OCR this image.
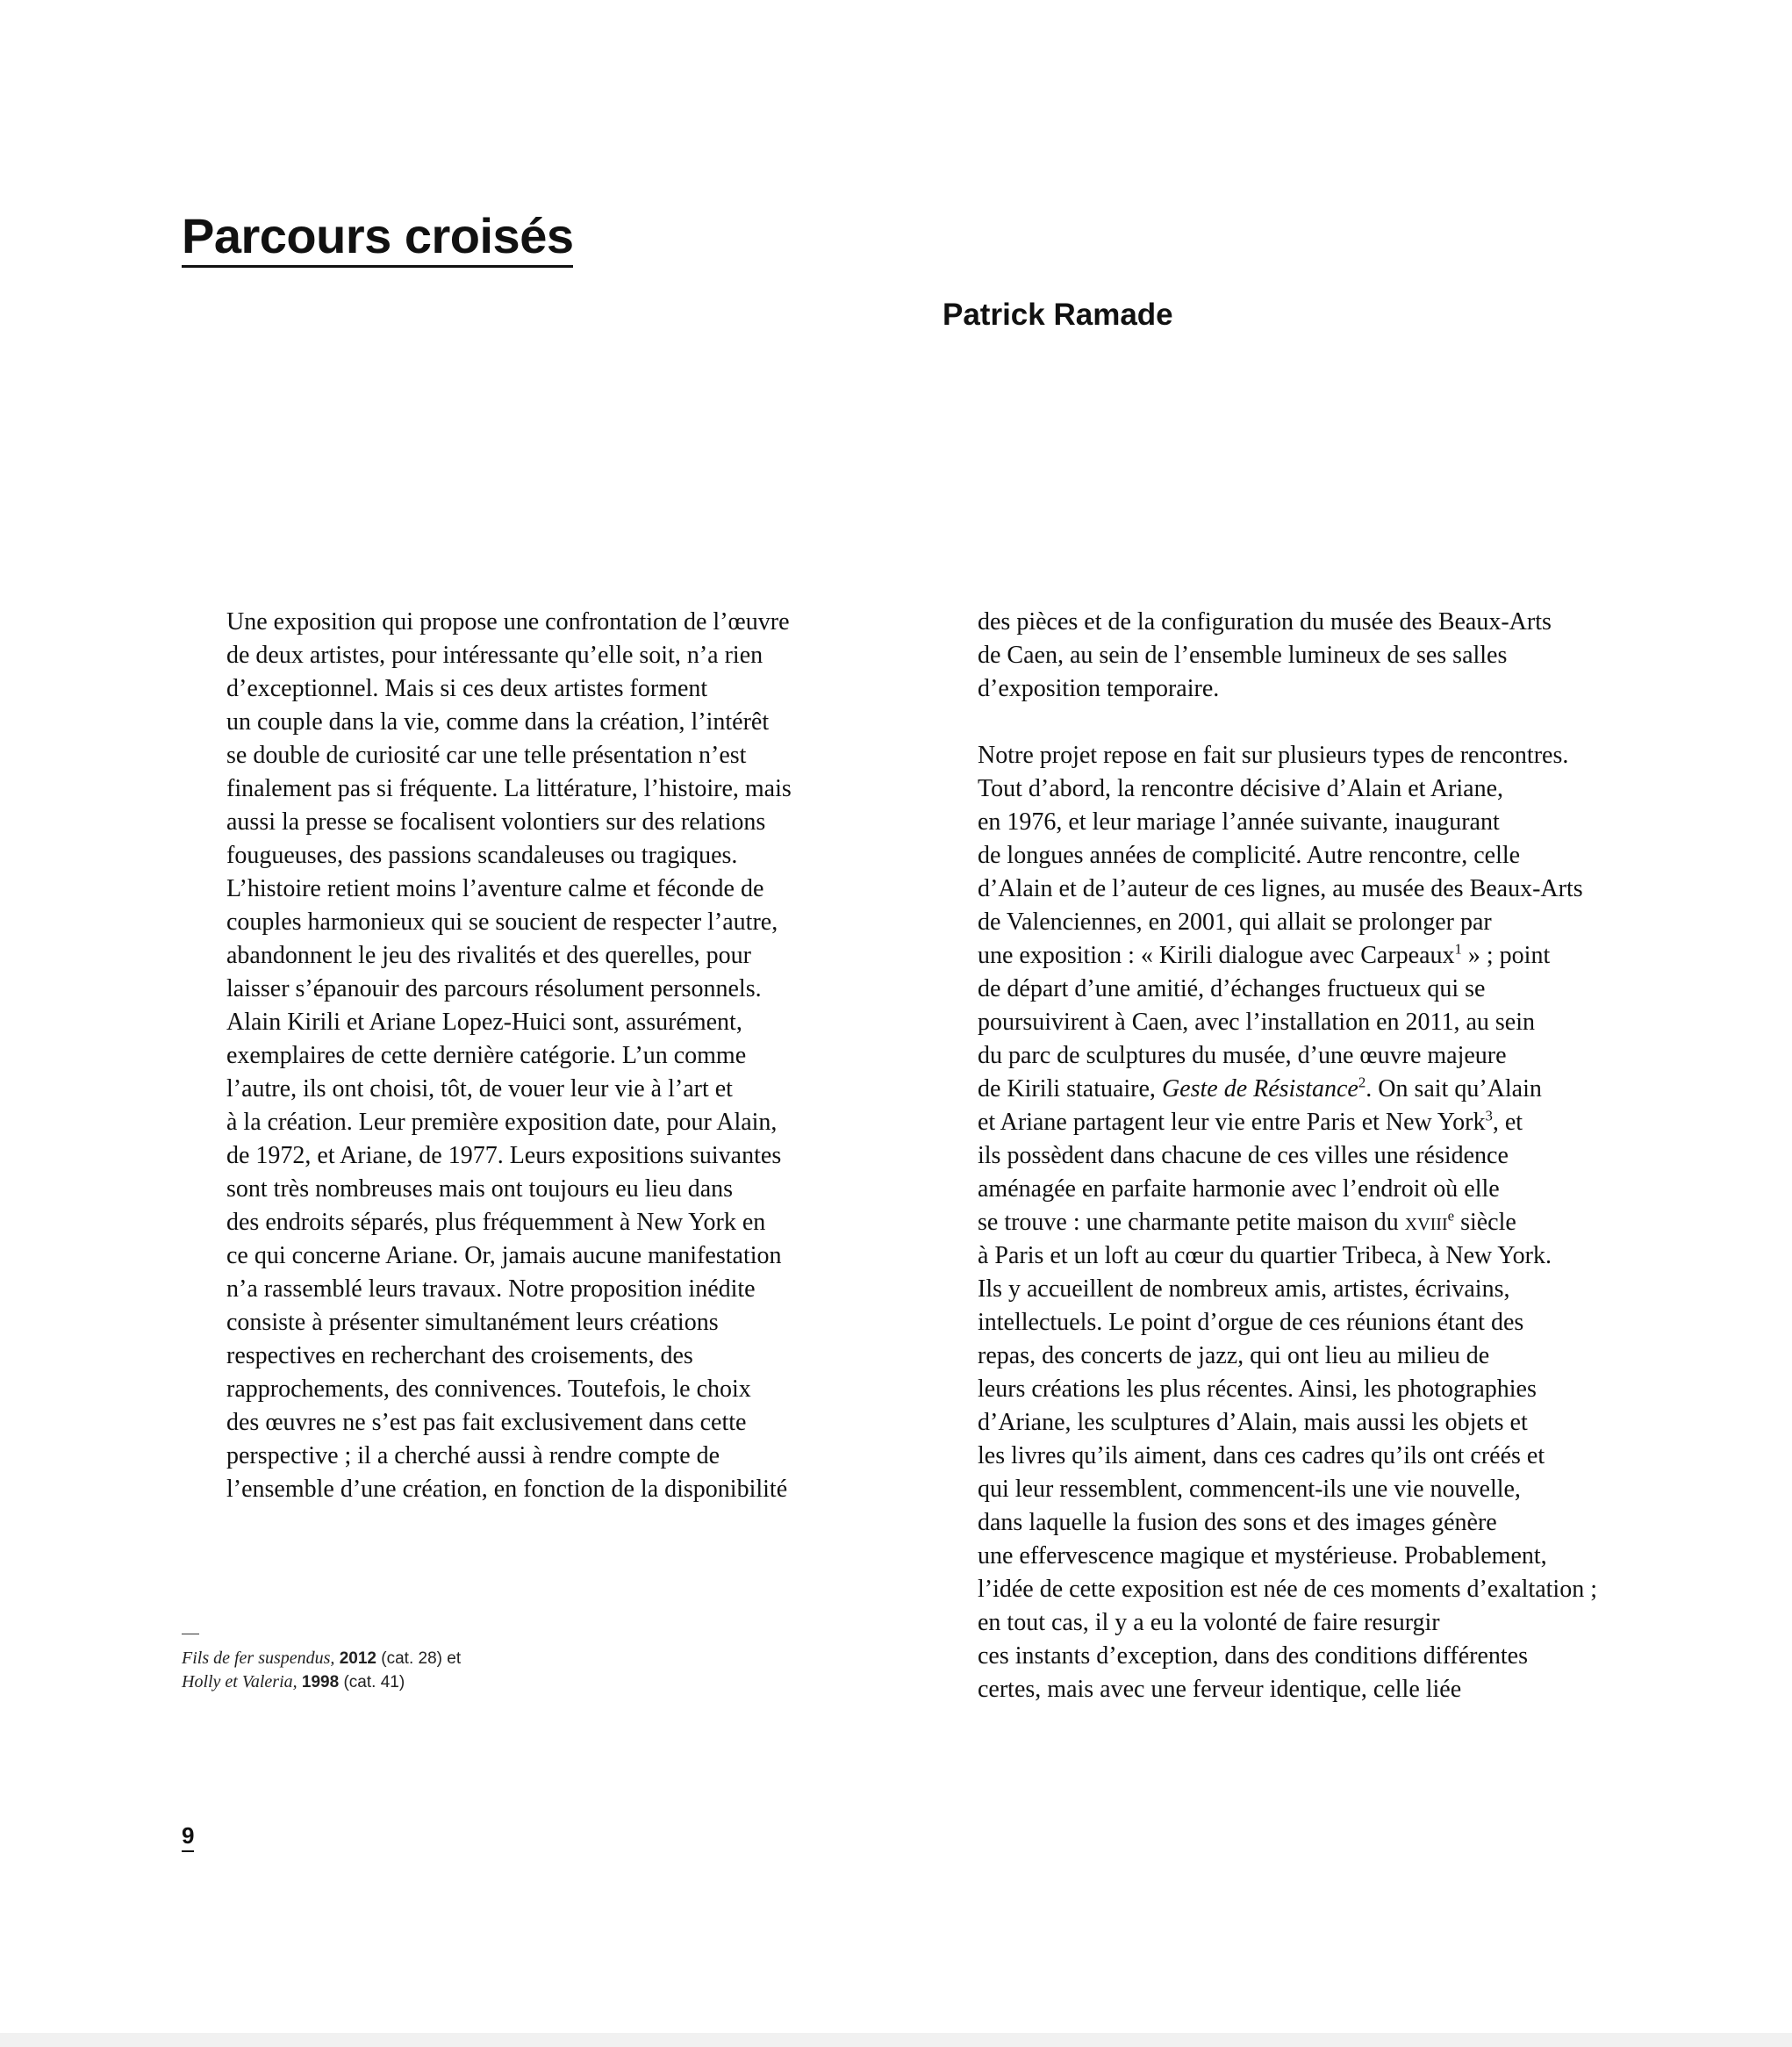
Parcours croisés
Patrick Ramade
Une exposition qui propose une confrontation de l’œuvre
de deux artistes, pour intéressante qu’elle soit, n’a rien
d’exceptionnel. Mais si ces deux artistes forment
un couple dans la vie, comme dans la création, l’intérêt
se double de curiosité car une telle présentation n’est
finalement pas si fréquente. La littérature, l’histoire, mais
aussi la presse se focalisent volontiers sur des relations
fougueuses, des passions scandaleuses ou tragiques.
L’histoire retient moins l’aventure calme et féconde de
couples harmonieux qui se soucient de respecter l’autre,
abandonnent le jeu des rivalités et des querelles, pour
laisser s’épanouir des parcours résolument personnels.
Alain Kirili et Ariane Lopez-Huici sont, assurément,
exemplaires de cette dernière catégorie. L’un comme
l’autre, ils ont choisi, tôt, de vouer leur vie à l’art et
à la création. Leur première exposition date, pour Alain,
de 1972, et Ariane, de 1977. Leurs expositions suivantes
sont très nombreuses mais ont toujours eu lieu dans
des endroits séparés, plus fréquemment à New York en
ce qui concerne Ariane. Or, jamais aucune manifestation
n’a rassemblé leurs travaux. Notre proposition inédite
consiste à présenter simultanément leurs créations
respectives en recherchant des croisements, des
rapprochements, des connivences. Toutefois, le choix
des œuvres ne s’est pas fait exclusivement dans cette
perspective ; il a cherché aussi à rendre compte de
l’ensemble d’une création, en fonction de la disponibilité
des pièces et de la configuration du musée des Beaux-Arts
de Caen, au sein de l’ensemble lumineux de ses salles
d’exposition temporaire.
Notre projet repose en fait sur plusieurs types de rencontres.
Tout d’abord, la rencontre décisive d’Alain et Ariane,
en 1976, et leur mariage l’année suivante, inaugurant
de longues années de complicité. Autre rencontre, celle
d’Alain et de l’auteur de ces lignes, au musée des Beaux-Arts
de Valenciennes, en 2001, qui allait se prolonger par
une exposition : « Kirili dialogue avec Carpeaux$^1$ » ; point
de départ d’une amitié, d’échanges fructueux qui se
poursuivirent à Caen, avec l’installation en 2011, au sein
du parc de sculptures du musée, d’une œuvre majeure
de Kirili statuaire, Geste de Résistance$^2$. On sait qu’Alain
et Ariane partagent leur vie entre Paris et New York$^3$, et
ils possèdent dans chacune de ces villes une résidence
aménagée en parfaite harmonie avec l’endroit où elle
se trouve : une charmante petite maison du xviii$^e$ siècle
à Paris et un loft au cœur du quartier Tribeca, à New York.
Ils y accueillent de nombreux amis, artistes, écrivains,
intellectuels. Le point d’orgue de ces réunions étant des
repas, des concerts de jazz, qui ont lieu au milieu de
leurs créations les plus récentes. Ainsi, les photographies
d’Ariane, les sculptures d’Alain, mais aussi les objets et
les livres qu’ils aiment, dans ces cadres qu’ils ont créés et
qui leur ressemblent, commencent-ils une vie nouvelle,
dans laquelle la fusion des sons et des images génère
une effervescence magique et mystérieuse. Probablement,
l’idée de cette exposition est née de ces moments d’exaltation ;
en tout cas, il y a eu la volonté de faire resurgir
ces instants d’exception, dans des conditions différentes
certes, mais avec une ferveur identique, celle liée
Fils de fer suspendus, 2012 (cat. 28) et
Holly et Valeria, 1998 (cat. 41)
9
